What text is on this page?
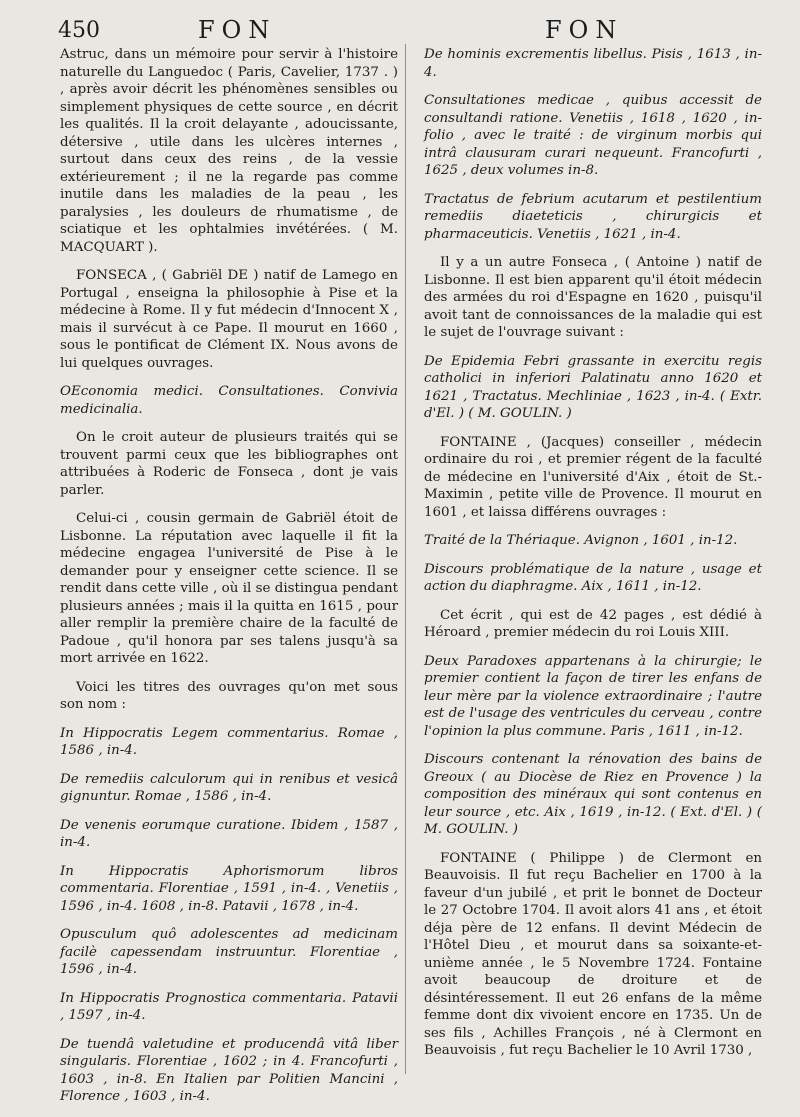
450	FON	FON

Astruc, dans un mémoire pour servir à l'histoire naturelle du Languedoc ( Paris, Cavelier, 1737 . ) , après avoir décrit les phénomènes sensibles ou simplement physiques de cette source , en décrit les qualités. Il la croit delayante , adoucissante, détersive , utile dans les ulcères internes , surtout dans ceux des reins , de la vessie extérieurement ; il ne la regarde pas comme inutile dans les maladies de la peau , les paralysies , les douleurs de rhumatisme , de sciatique et les ophtalmies invétérées. ( M. MACQUART ).

FONSECA , ( Gabriël DE ) natif de Lamego en Portugal , enseigna la philosophie à Pise et la médecine à Rome. Il y fut médecin d'Innocent X , mais il survécut à ce Pape. Il mourut en 1660 , sous le pontificat de Clément IX. Nous avons de lui quelques ouvrages.

OEconomia medici. Consultationes. Convivia medicinalia.

On le croit auteur de plusieurs traités qui se trouvent parmi ceux que les bibliographes ont attribuées à Roderic de Fonseca , dont je vais parler.

Celui-ci , cousin germain de Gabriël étoit de Lisbonne. La réputation avec laquelle il fit la médecine engagea l'université de Pise à le demander pour y enseigner cette science. Il se rendit dans cette ville , où il se distingua pendant plusieurs années ; mais il la quitta en 1615 , pour aller remplir la première chaire de la faculté de Padoue , qu'il honora par ses talens jusqu'à sa mort arrivée en 1622.

Voici les titres des ouvrages qu'on met sous son nom :

In Hippocratis Legem commentarius. Romae , 1586 , in-4.

De remediis calculorum qui in renibus et vesicâ gignuntur. Romae , 1586 , in-4.

De venenis eorumque curatione. Ibidem , 1587 , in-4.

In Hippocratis Aphorismorum libros commentaria. Florentiae , 1591 , in-4. , Venetiis , 1596 , in-4. 1608 , in-8. Patavii , 1678 , in-4.

Opusculum quô adolescentes ad medicinam facilè capessendam instruuntur. Florentiae , 1596 , in-4.

In Hippocratis Prognostica commentaria. Patavii , 1597 , in-4.

De tuendâ valetudine et producendâ vitâ liber singularis. Florentiae , 1602 ; in 4. Francofurti , 1603 , in-8. En Italien par Politien Mancini , Florence , 1603 , in-4.

De hominis excrementis libellus. Pisis , 1613 , in-4.

Consultationes medicae , quibus accessit de consultandi ratione. Venetiis , 1618 , 1620 , in-folio , avec le traité : de virginum morbis qui intrâ clausuram curari nequeunt. Francofurti , 1625 , deux volumes in-8.

Tractatus de febrium acutarum et pestilentium remediis diaeteticis , chirurgicis et pharmaceuticis. Venetiis , 1621 , in-4.

Il y a un autre Fonseca , ( Antoine ) natif de Lisbonne. Il est bien apparent qu'il étoit médecin des armées du roi d'Espagne en 1620 , puisqu'il avoit tant de connoissances de la maladie qui est le sujet de l'ouvrage suivant :

De Epidemia Febri grassante in exercitu regis catholici in inferiori Palatinatu anno 1620 et 1621 , Tractatus. Mechliniae , 1623 , in-4. ( Extr. d'El. ) ( M. GOULIN. )

FONTAINE , (Jacques) conseiller , médecin ordinaire du roi , et premier régent de la faculté de médecine en l'université d'Aix , étoit de St.-Maximin , petite ville de Provence. Il mourut en 1601 , et laissa différens ouvrages :

Traité de la Thériaque. Avignon , 1601 , in-12.

Discours problématique de la nature , usage et action du diaphragme. Aix , 1611 , in-12.

Cet écrit , qui est de 42 pages , est dédié à Héroard , premier médecin du roi Louis XIII.

Deux Paradoxes appartenans à la chirurgie; le premier contient la façon de tirer les enfans de leur mère par la violence extraordinaire ; l'autre est de l'usage des ventricules du cerveau , contre l'opinion la plus commune. Paris , 1611 , in-12.

Discours contenant la rénovation des bains de Greoux ( au Diocèse de Riez en Provence ) la composition des minéraux qui sont contenus en leur source , etc. Aix , 1619 , in-12. ( Ext. d'El. ) ( M. GOULIN. )

FONTAINE ( Philippe ) de Clermont en Beauvoisis. Il fut reçu Bachelier en 1700 à la faveur d'un jubilé , et prit le bonnet de Docteur le 27 Octobre 1704. Il avoit alors 41 ans , et étoit déja père de 12 enfans. Il devint Médecin de l'Hôtel Dieu , et mourut dans sa soixante-et-unième année , le 5 Novembre 1724. Fontaine avoit beaucoup de droiture et de désintéressement. Il eut 26 enfans de la même femme dont dix vivoient encore en 1735. Un de ses fils , Achilles François , né à Clermont en Beauvoisis , fut reçu Bachelier le 10 Avril 1730 ,
